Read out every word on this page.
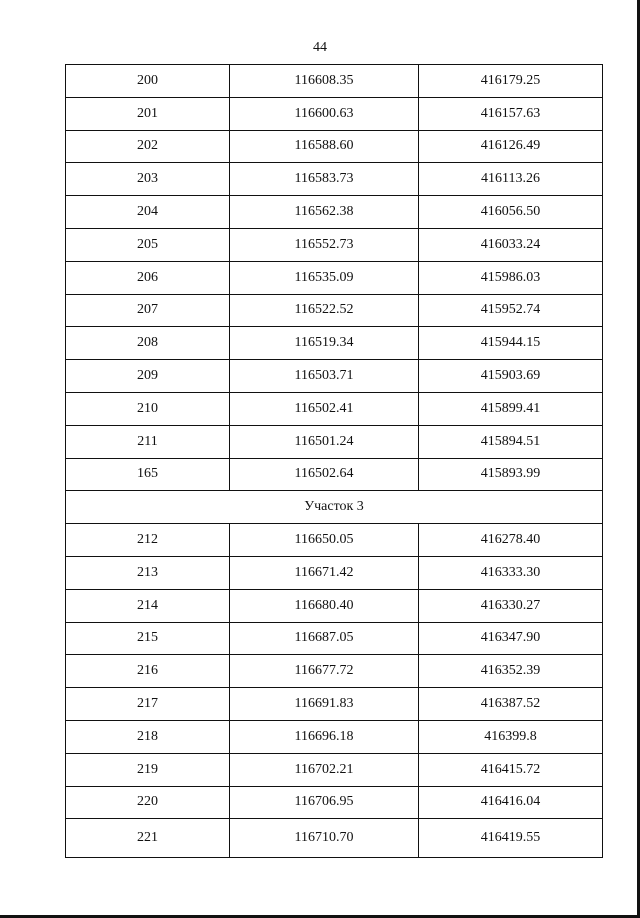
44
200	116608.35	416179.25
201	116600.63	416157.63
202	116588.60	416126.49
203	116583.73	416113.26
204	116562.38	416056.50
205	116552.73	416033.24
206	116535.09	415986.03
207	116522.52	415952.74
208	116519.34	415944.15
209	116503.71	415903.69
210	116502.41	415899.41
211	116501.24	415894.51
165	116502.64	415893.99
Участок 3		
212	116650.05	416278.40
213	116671.42	416333.30
214	116680.40	416330.27
215	116687.05	416347.90
216	116677.72	416352.39
217	116691.83	416387.52
218	116696.18	416399.8
219	116702.21	416415.72
220	116706.95	416416.04
221	116710.70	416419.55
